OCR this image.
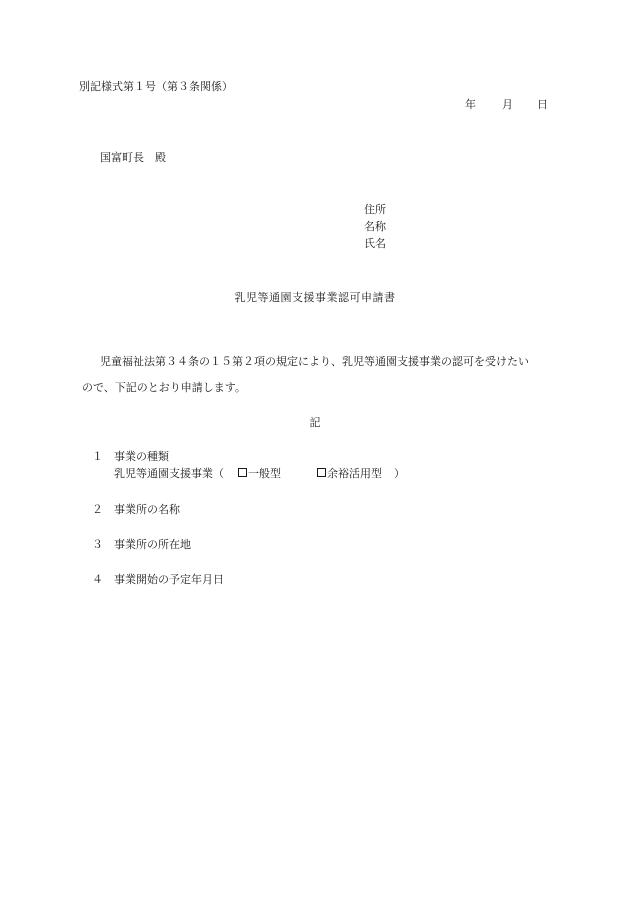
別記様式第１号（第３条関係）
年 月 日
国富町長　殿
住所
名称
氏名
乳児等通園支援事業認可申請書
児童福祉法第３４条の１５第２項の規定により、乳児等通園支援事業の認可を受けたい
ので、下記のとおり申請します。
記
１ 事業の種類
乳児等通園支援事業（ 一般型	余裕活用型 ）
２ 事業所の名称
３ 事業所の所在地
４ 事業開始の予定年月日
